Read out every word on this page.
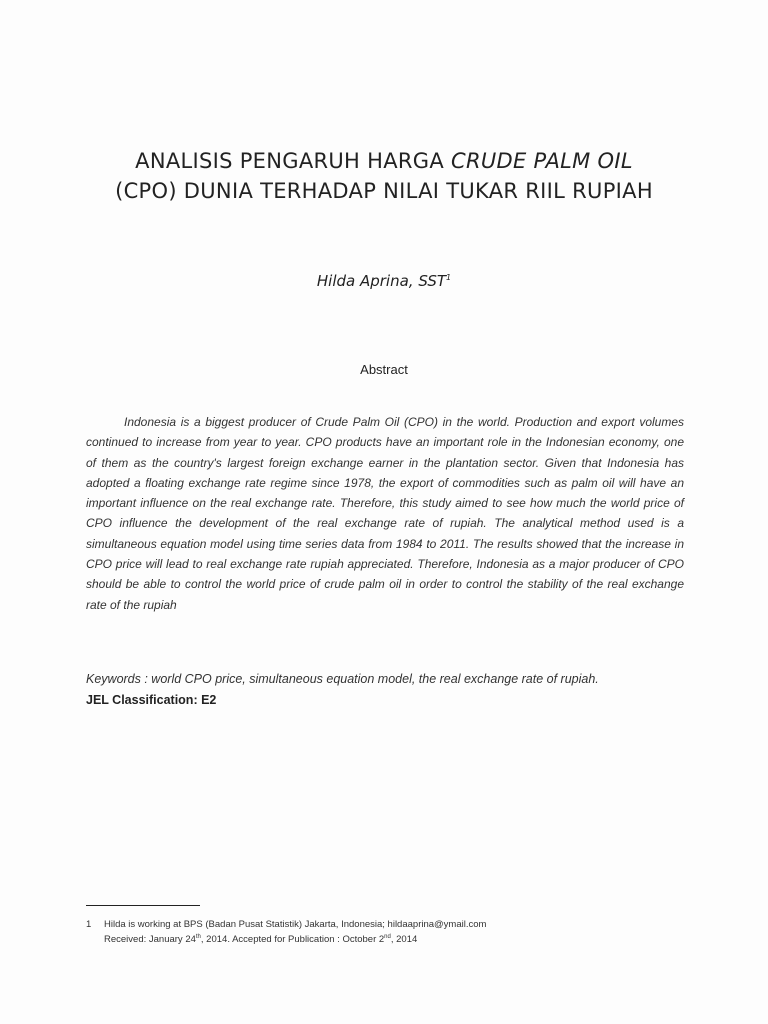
ANALISIS PENGARUH HARGA CRUDE PALM OIL
(CPO) DUNIA TERHADAP NILAI TUKAR RIIL RUPIAH
Hilda Aprina, SST$^1$
Abstract

Indonesia is a biggest producer of Crude Palm Oil (CPO) in the world. Production and export volumes continued to increase from year to year. CPO products have an important role in the Indonesian economy, one of them as the country's largest foreign exchange earner in the plantation sector. Given that Indonesia has adopted a floating exchange rate regime since 1978, the export of commodities such as palm oil will have an important influence on the real exchange rate. Therefore, this study aimed to see how much the world price of CPO influence the development of the real exchange rate of rupiah. The analytical method used is a simultaneous equation model using time series data from 1984 to 2011. The results showed that the increase in CPO price will lead to real exchange rate rupiah appreciated. Therefore, Indonesia as a major producer of CPO should be able to control the world price of crude palm oil in order to control the stability of the real exchange rate of the rupiah

Keywords : world CPO price, simultaneous equation model, the real exchange rate of rupiah.
JEL Classification: E2
1 Hilda is working at BPS (Badan Pusat Statistik) Jakarta, Indonesia; hildaaprina@ymail.com
Received: January 24th, 2014. Accepted for Publication : October 2nd, 2014
